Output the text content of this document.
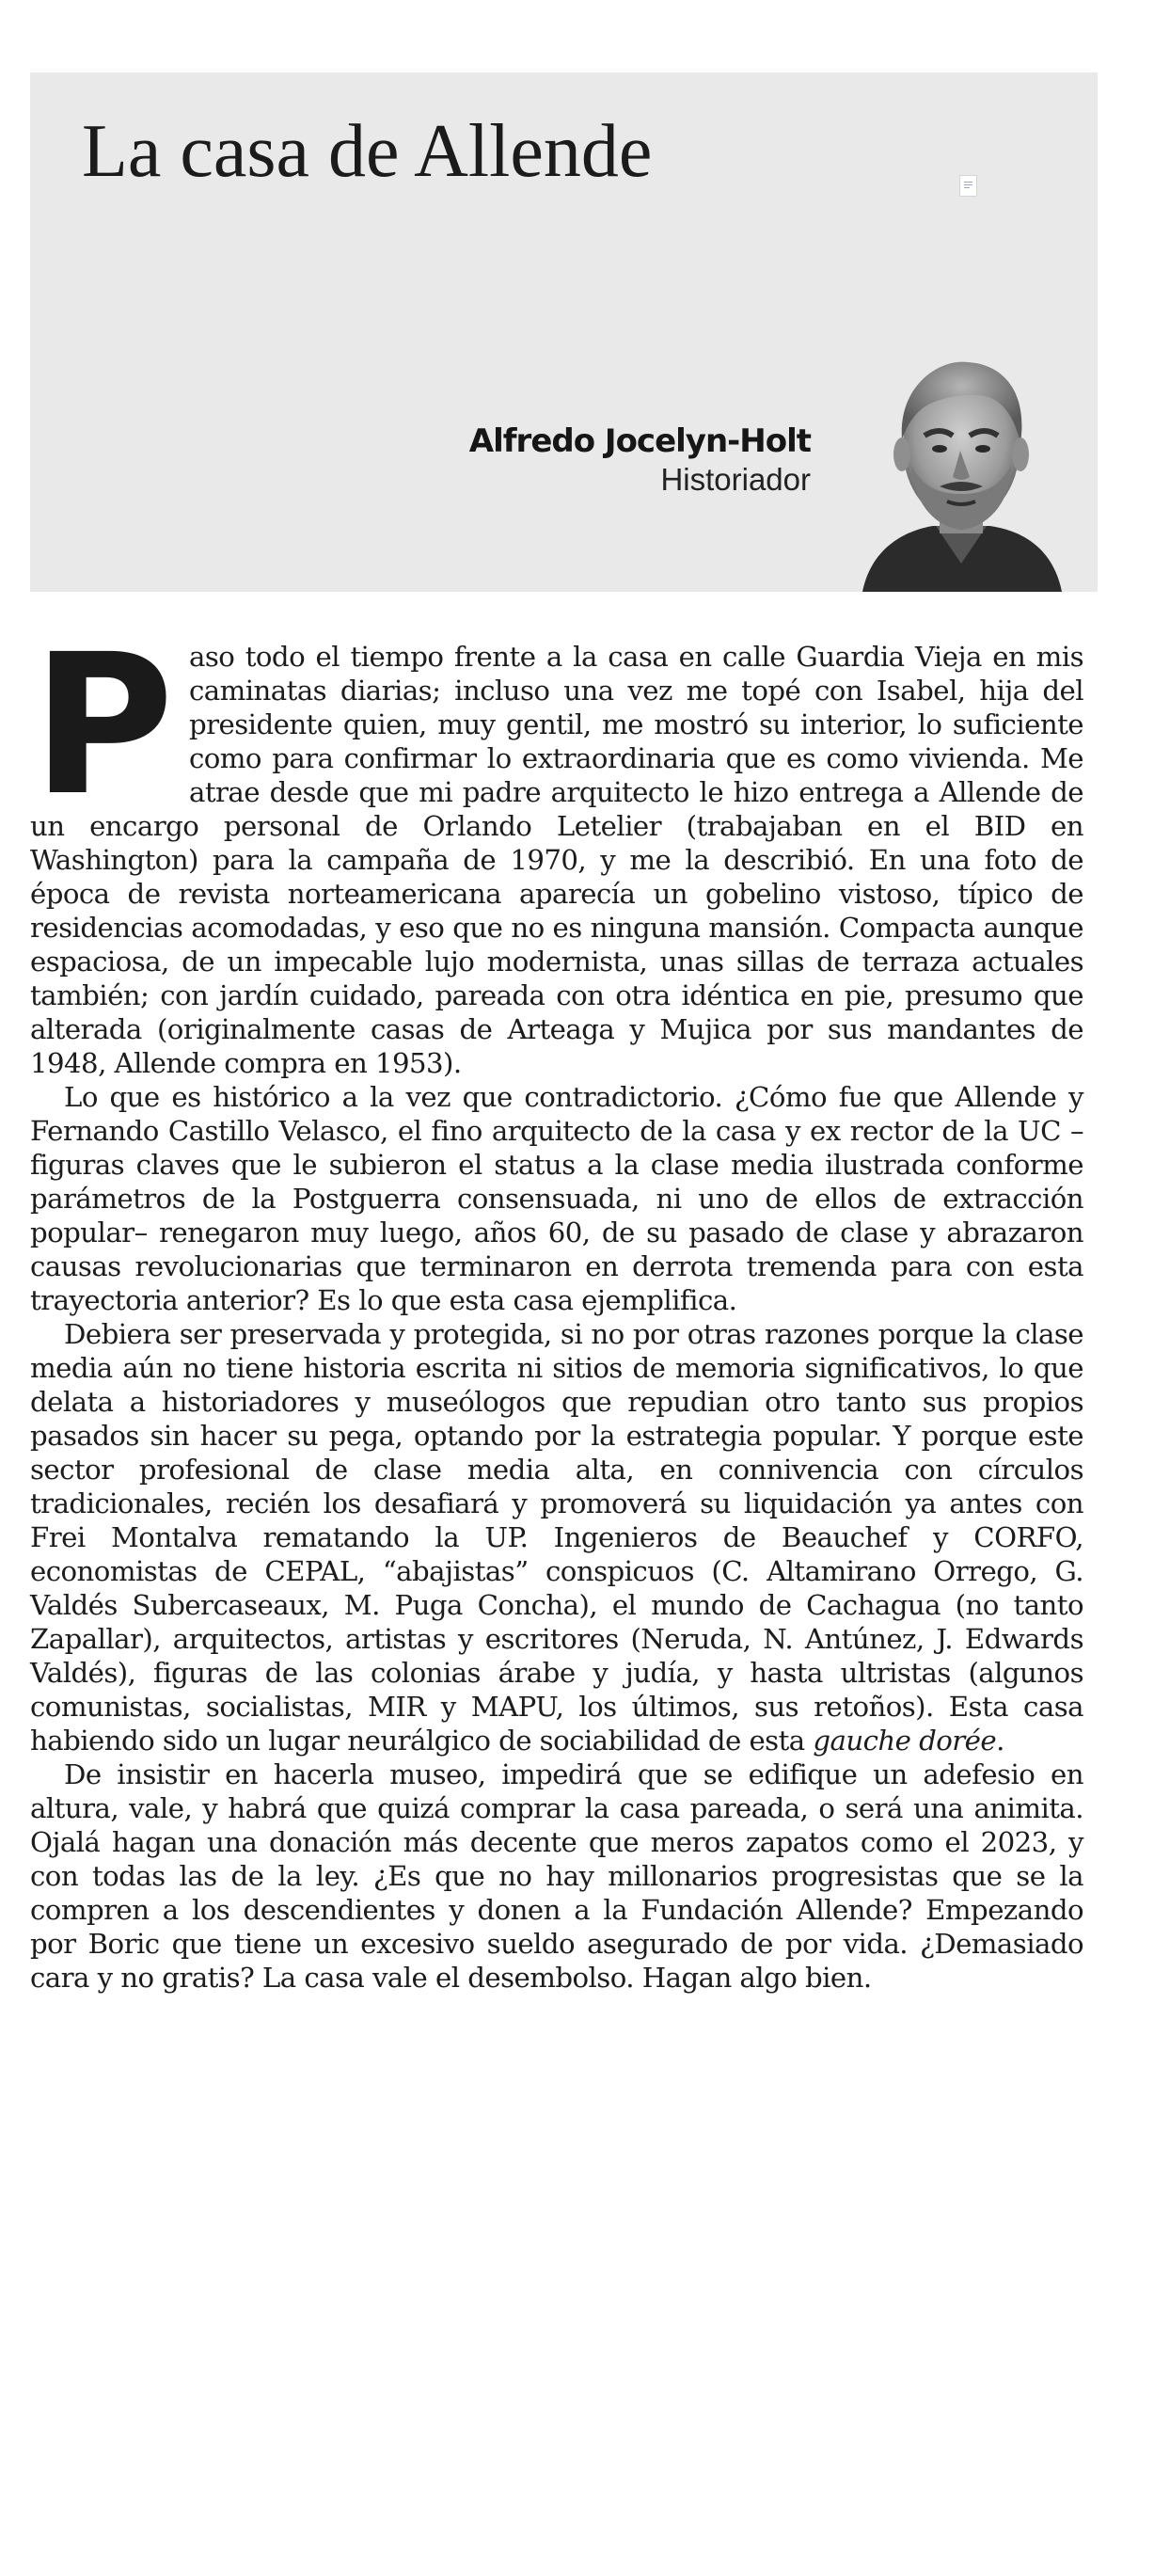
La casa de Allende
Alfredo Jocelyn-Holt
Historiador

Paso todo el tiempo frente a la casa en calle Guardia Vieja en mis caminatas diarias; incluso una vez me topé con Isabel, hija del presidente quien, muy gentil, me mostró su interior, lo suficiente como para confirmar lo extraordinaria que es como vivienda. Me atrae desde que mi padre arquitecto le hizo entrega a Allende de un encargo personal de Orlando Letelier (trabajaban en el BID en Washington) para la campaña de 1970, y me la describió. En una foto de época de revista norteamericana aparecía un gobelino vistoso, típico de residencias acomodadas, y eso que no es ninguna mansión. Compacta aunque espaciosa, de un impecable lujo modernista, unas sillas de terraza actuales también; con jardín cuidado, pareada con otra idéntica en pie, presumo que alterada (originalmente casas de Arteaga y Mujica por sus mandantes de 1948, Allende compra en 1953).

Lo que es histórico a la vez que contradictorio. ¿Cómo fue que Allende y Fernando Castillo Velasco, el fino arquitecto de la casa y ex rector de la UC –figuras claves que le subieron el status a la clase media ilustrada conforme parámetros de la Postguerra consensuada, ni uno de ellos de extracción popular– renegaron muy luego, años 60, de su pasado de clase y abrazaron causas revolucionarias que terminaron en derrota tremenda para con esta trayectoria anterior? Es lo que esta casa ejemplifica.

Debiera ser preservada y protegida, si no por otras razones porque la clase media aún no tiene historia escrita ni sitios de memoria significativos, lo que delata a historiadores y museólogos que repudian otro tanto sus propios pasados sin hacer su pega, optando por la estrategia popular. Y porque este sector profesional de clase media alta, en connivencia con círculos tradicionales, recién los desafiará y promoverá su liquidación ya antes con Frei Montalva rematando la UP. Ingenieros de Beauchef y CORFO, economistas de CEPAL, “abajistas” conspicuos (C. Altamirano Orrego, G. Valdés Subercaseaux, M. Puga Concha), el mundo de Cachagua (no tanto Zapallar), arquitectos, artistas y escritores (Neruda, N. Antúnez, J. Edwards Valdés), figuras de las colonias árabe y judía, y hasta ultristas (algunos comunistas, socialistas, MIR y MAPU, los últimos, sus retoños). Esta casa habiendo sido un lugar neurálgico de sociabilidad de esta gauche dorée.

De insistir en hacerla museo, impedirá que se edifique un adefesio en altura, vale, y habrá que quizá comprar la casa pareada, o será una animita. Ojalá hagan una donación más decente que meros zapatos como el 2023, y con todas las de la ley. ¿Es que no hay millonarios progresistas que se la compren a los descendientes y donen a la Fundación Allende? Empezando por Boric que tiene un excesivo sueldo asegurado de por vida. ¿Demasiado cara y no gratis? La casa vale el desembolso. Hagan algo bien.
